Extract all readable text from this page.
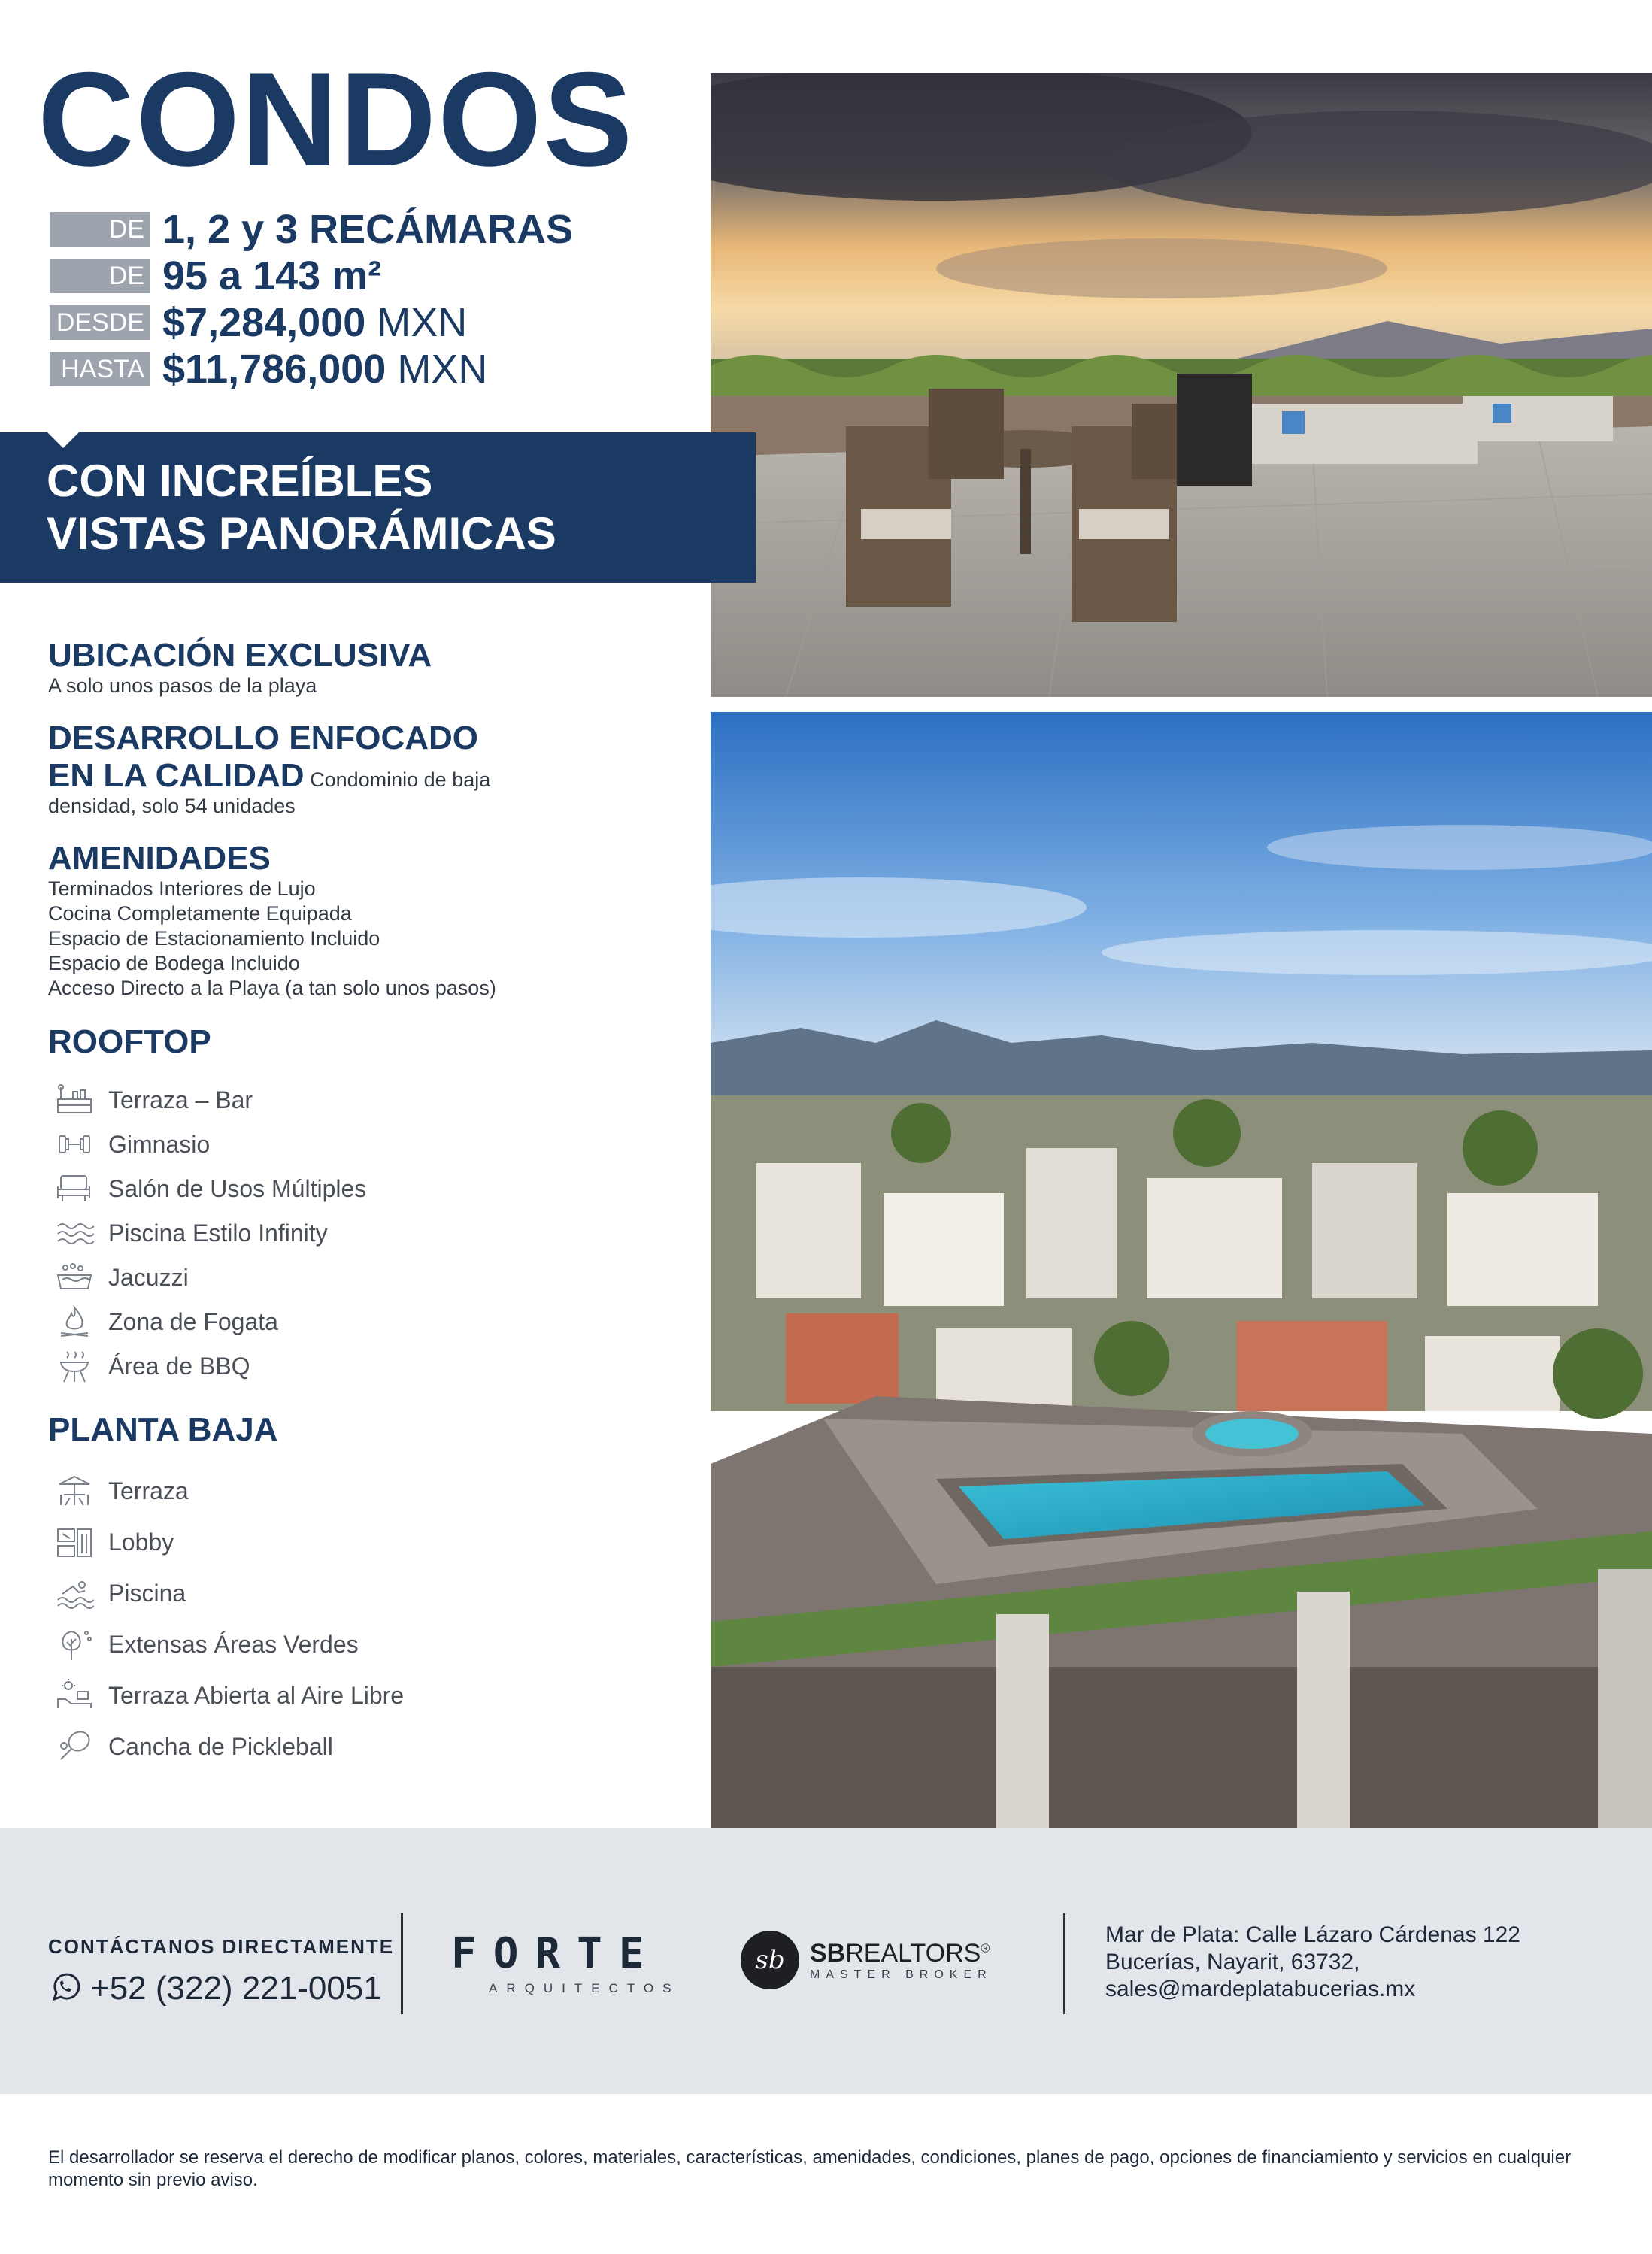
CONDOS
DE 1, 2 y 3 RECÁMARAS
DE 95 a 143 m²
DESDE $7,284,000 MXN
HASTA $11,786,000 MXN
CON INCREÍBLES
VISTAS PANORÁMICAS
UBICACIÓN EXCLUSIVA
A solo unos pasos de la playa
DESARROLLO ENFOCADO
EN LA CALIDAD Condominio de baja
densidad, solo 54 unidades
AMENIDADES
Terminados Interiores de Lujo
Cocina Completamente Equipada
Espacio de Estacionamiento Incluido
Espacio de Bodega Incluido
Acceso Directo a la Playa (a tan solo unos pasos)
ROOFTOP
Terraza – Bar
Gimnasio
Salón de Usos Múltiples
Piscina Estilo Infinity
Jacuzzi
Zona de Fogata
Área de BBQ
PLANTA BAJA
Terraza
Lobby
Piscina
Extensas Áreas Verdes
Terraza Abierta al Aire Libre
Cancha de Pickleball
CONTÁCTANOS DIRECTAMENTE
+52 (322) 221-0051
FORTE
ARQUITECTOS
sb SBREALTORS®
MASTER BROKER
Mar de Plata: Calle Lázaro Cárdenas 122
Bucerías, Nayarit, 63732,
sales@mardeplatabucerias.mx
El desarrollador se reserva el derecho de modificar planos, colores, materiales, características, amenidades, condiciones, planes de pago, opciones de financiamiento y servicios en cualquier momento sin previo aviso.
